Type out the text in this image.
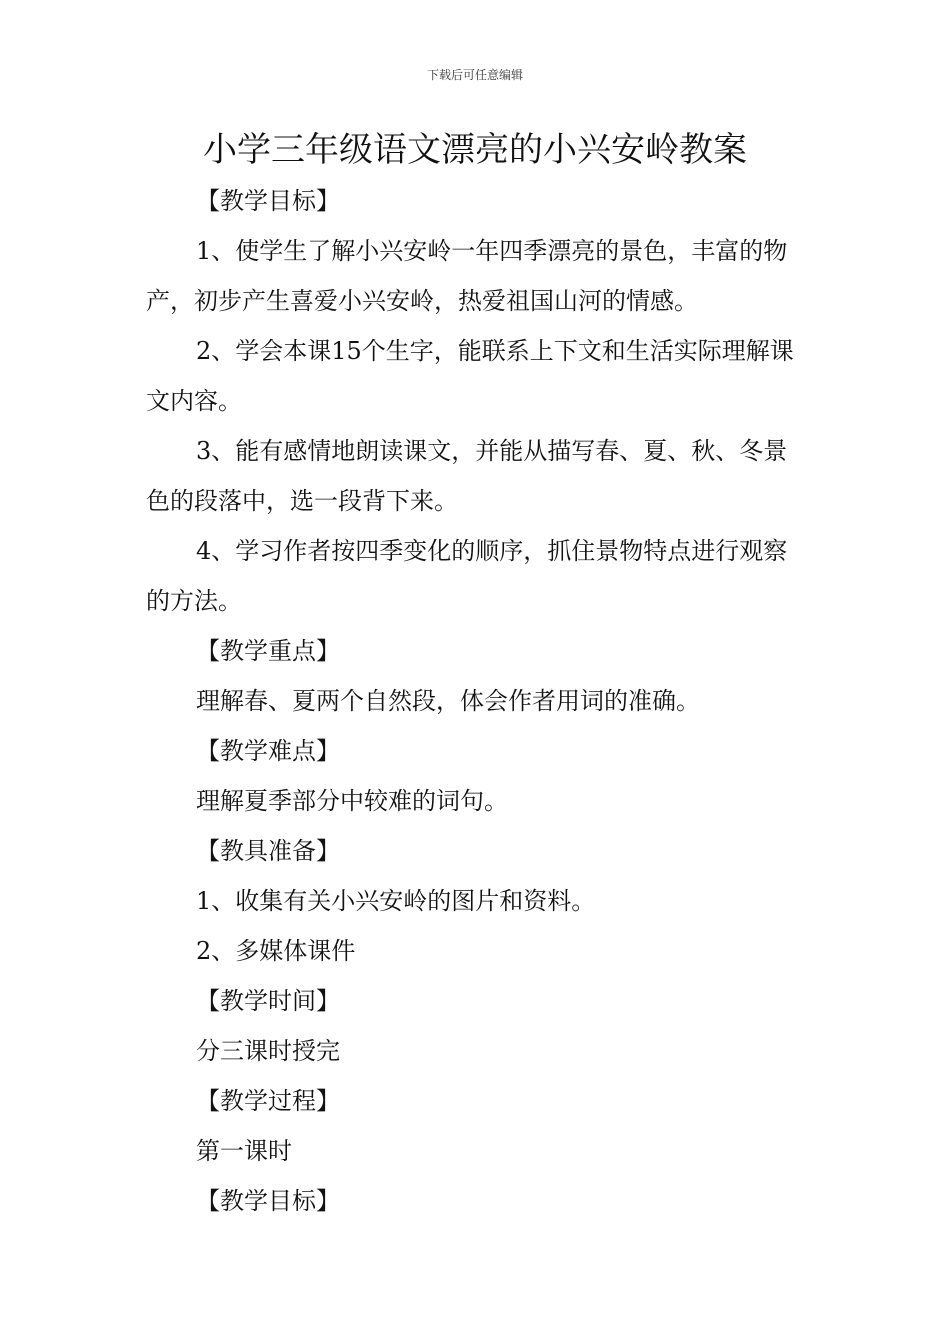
下载后可任意编辑
小学三年级语文漂亮的小兴安岭教案

【教学目标】

1、使学生了解小兴安岭一年四季漂亮的景色，丰富的物产，初步产生喜爱小兴安岭，热爱祖国山河的情感。

2、学会本课15个生字，能联系上下文和生活实际理解课文内容。

3、能有感情地朗读课文，并能从描写春、夏、秋、冬景色的段落中，选一段背下来。

4、学习作者按四季变化的顺序，抓住景物特点进行观察的方法。

【教学重点】

理解春、夏两个自然段，体会作者用词的准确。

【教学难点】

理解夏季部分中较难的词句。

【教具准备】

1、收集有关小兴安岭的图片和资料。

2、多媒体课件

【教学时间】

分三课时授完

【教学过程】

第一课时

【教学目标】
